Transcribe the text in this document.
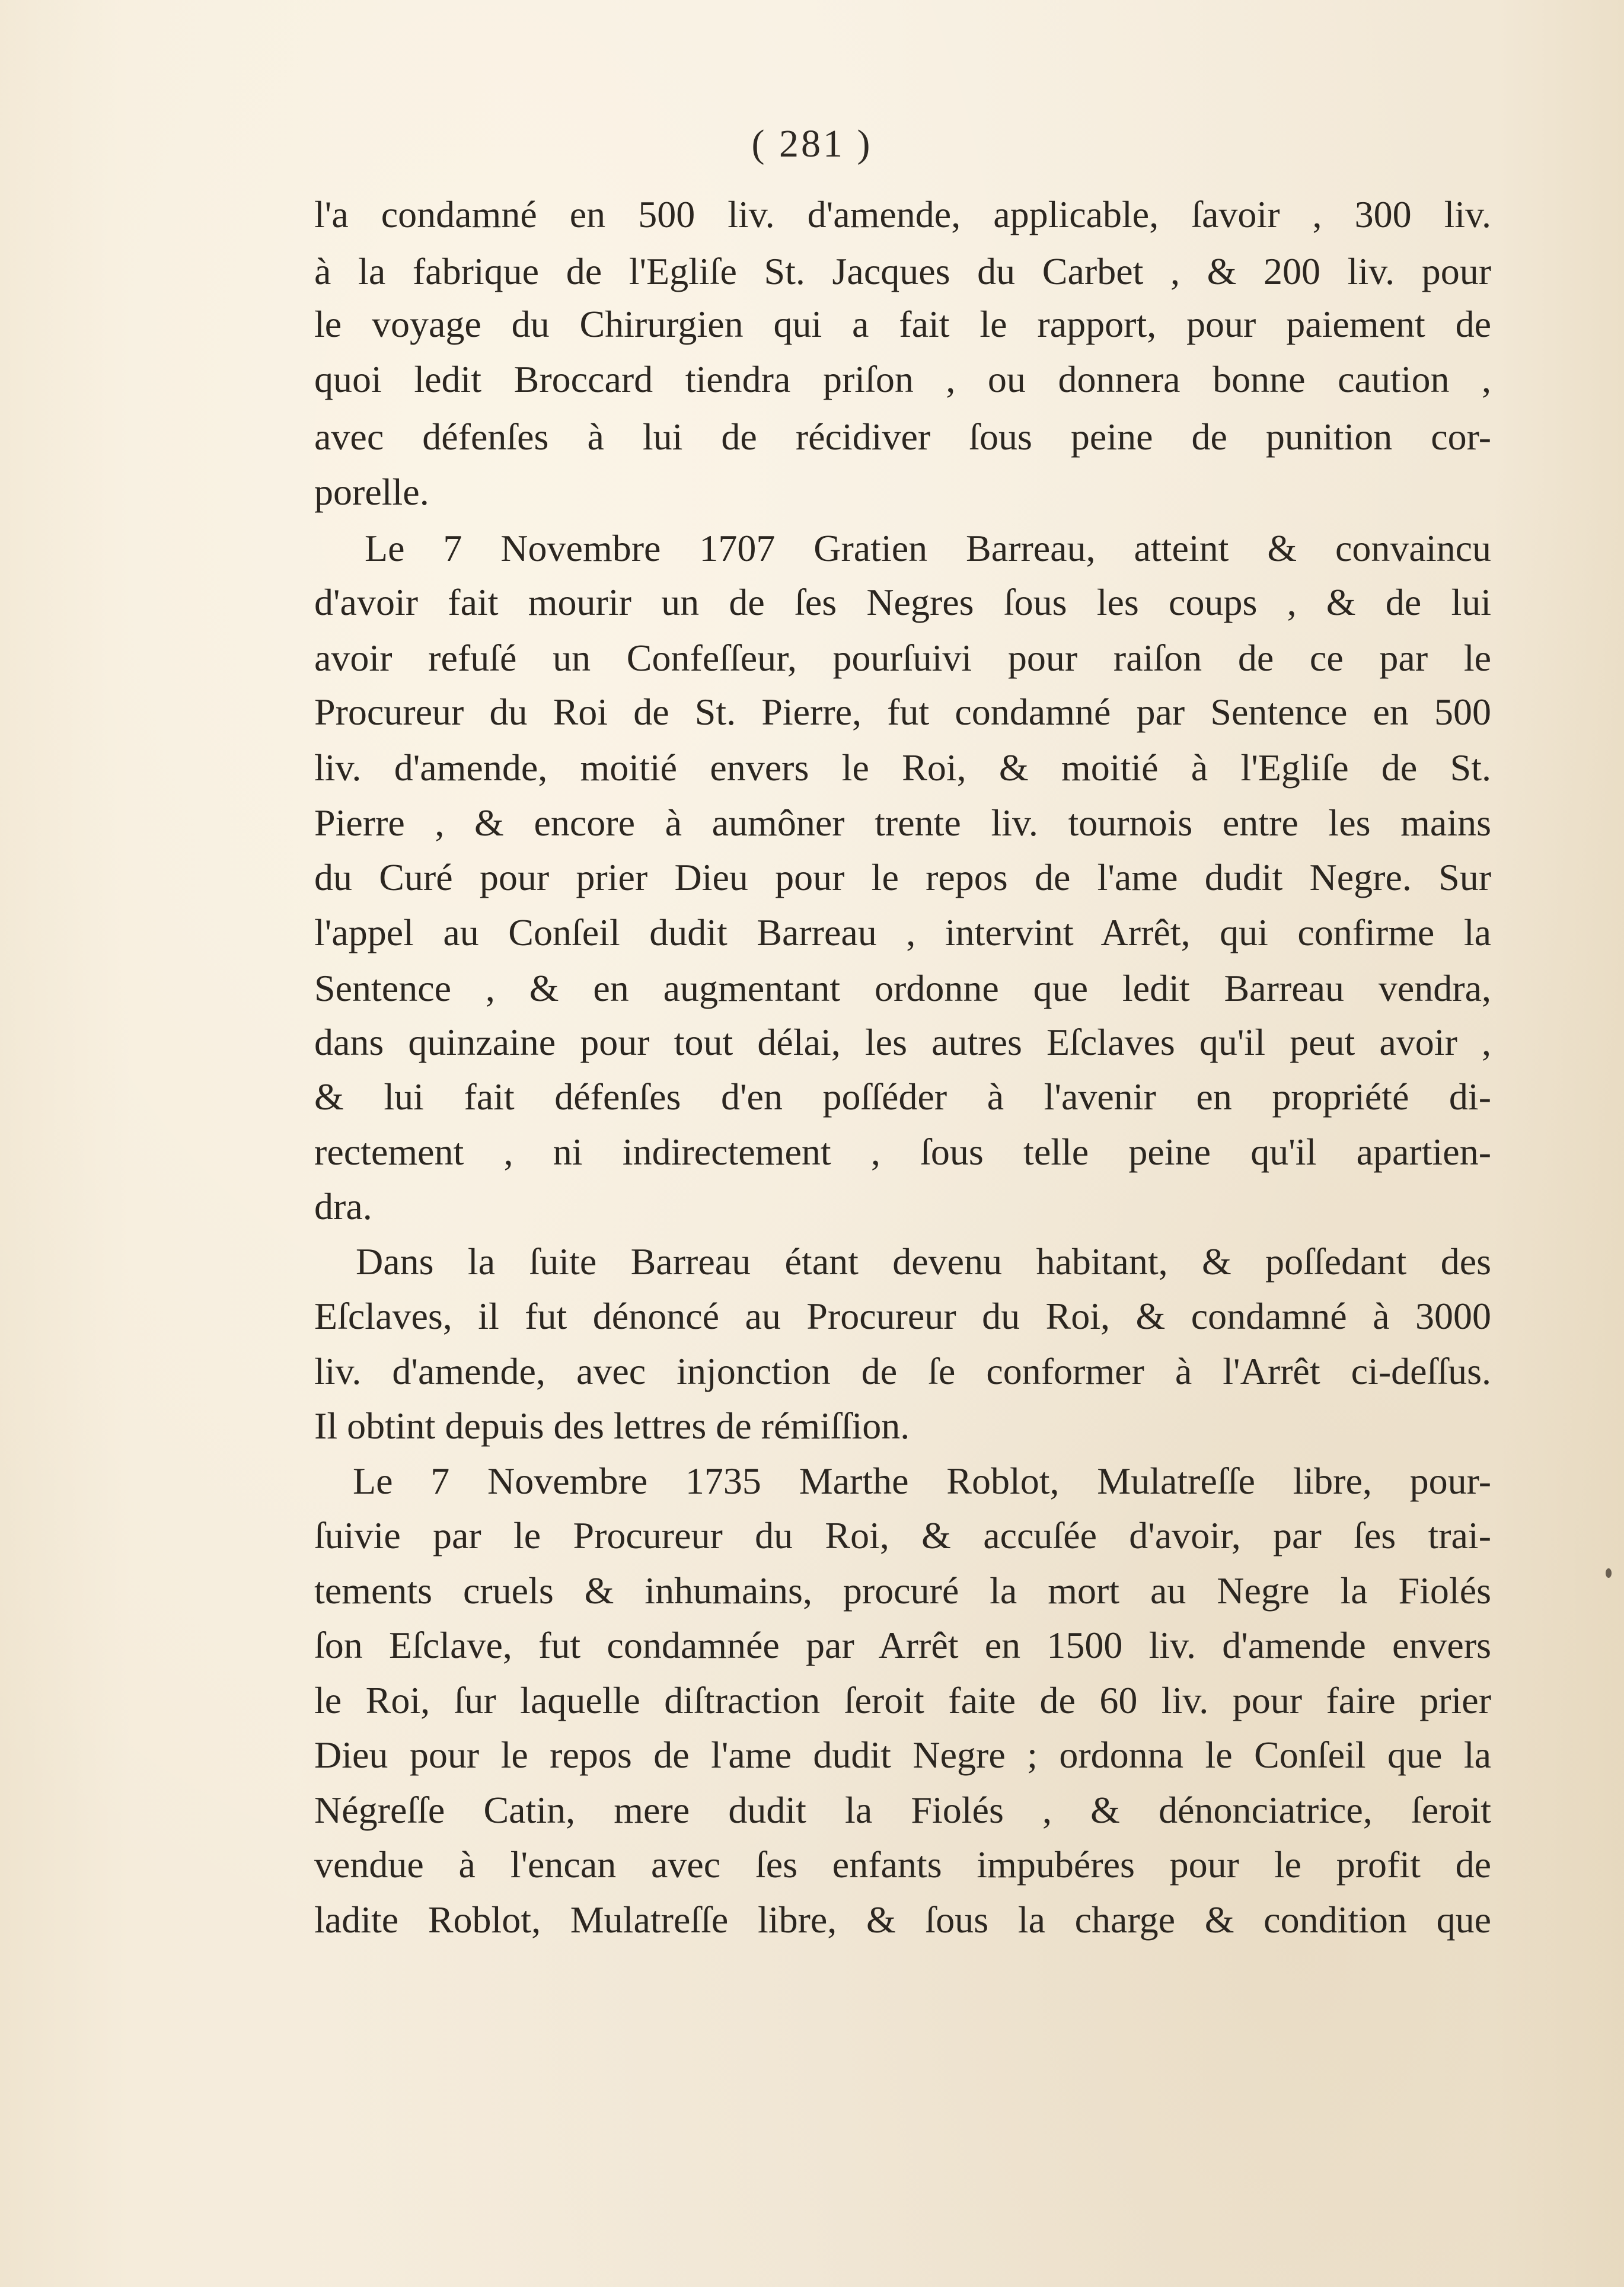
( 281 )
l'a condamné en 500 liv. d'amende, applicable, ſavoir , 300 liv.
à la fabrique de l'Egliſe St. Jacques du Carbet , & 200 liv. pour
le voyage du Chirurgien qui a fait le rapport, pour paiement de
quoi ledit Broccard tiendra priſon , ou donnera bonne caution ,
avec défenſes à lui de récidiver ſous peine de punition cor-
porelle.
Le 7 Novembre 1707 Gratien Barreau, atteint & convaincu
d'avoir fait mourir un de ſes Negres ſous les coups , & de lui
avoir refuſé un Confeſſeur, pourſuivi pour raiſon de ce par le
Procureur du Roi de St. Pierre, fut condamné par Sentence en 500
liv. d'amende, moitié envers le Roi, & moitié à l'Egliſe de St.
Pierre , & encore à aumôner trente liv. tournois entre les mains
du Curé pour prier Dieu pour le repos de l'ame dudit Negre. Sur
l'appel au Conſeil dudit Barreau , intervint Arrêt, qui confirme la
Sentence , & en augmentant ordonne que ledit Barreau vendra,
dans quinzaine pour tout délai, les autres Eſclaves qu'il peut avoir ,
& lui fait défenſes d'en poſſéder à l'avenir en propriété di-
rectement , ni indirectement , ſous telle peine qu'il apartien-
dra.
Dans la ſuite Barreau étant devenu habitant, & poſſedant des
Eſclaves, il fut dénoncé au Procureur du Roi, & condamné à 3000
liv. d'amende, avec injonction de ſe conformer à l'Arrêt ci-deſſus.
Il obtint depuis des lettres de rémiſſion.
Le 7 Novembre 1735 Marthe Roblot, Mulatreſſe libre, pour-
ſuivie par le Procureur du Roi, & accuſée d'avoir, par ſes trai-
tements cruels & inhumains, procuré la mort au Negre la Fiolés
ſon Eſclave, fut condamnée par Arrêt en 1500 liv. d'amende envers
le Roi, ſur laquelle diſtraction ſeroit faite de 60 liv. pour faire prier
Dieu pour le repos de l'ame dudit Negre ; ordonna le Conſeil que la
Négreſſe Catin, mere dudit la Fiolés , & dénonciatrice, ſeroit
vendue à l'encan avec ſes enfants impubéres pour le profit de
ladite Roblot, Mulatreſſe libre, & ſous la charge & condition que
